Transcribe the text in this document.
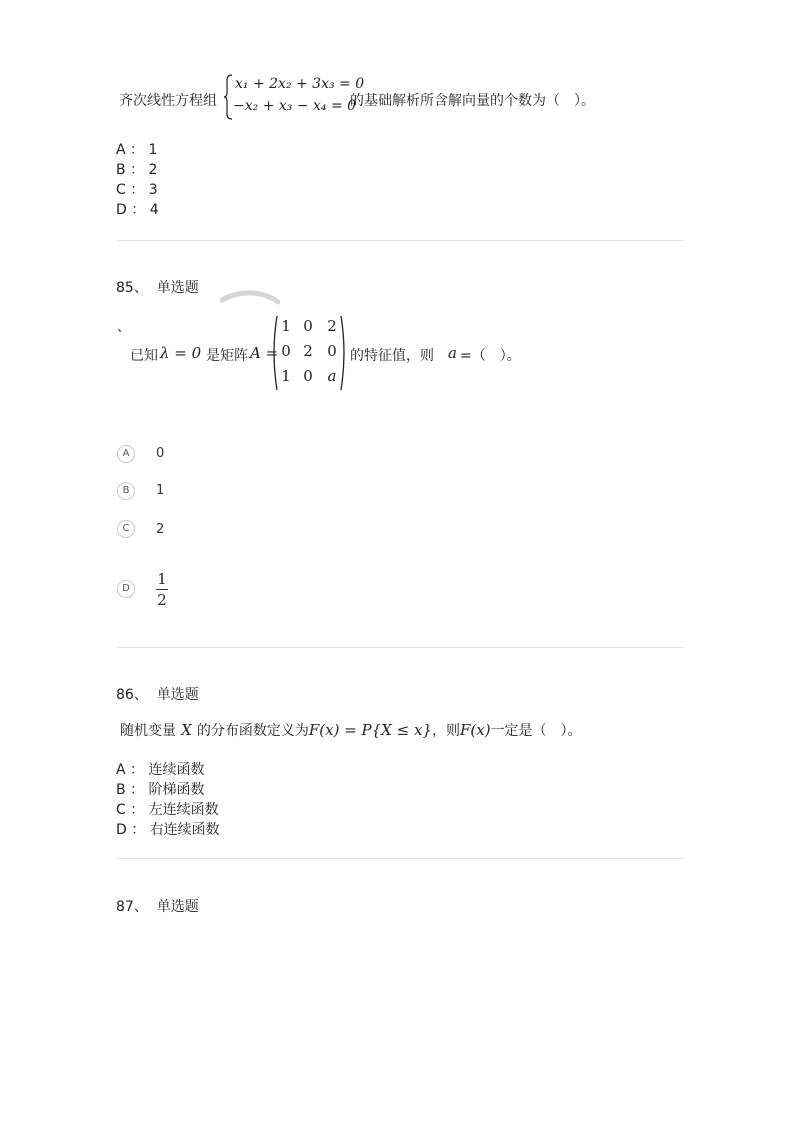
齐次线性方程组
x₁ + 2x₂ + 3x₃ = 0
−x₂ + x₃ − x₄ = 0
的基础解析所含解向量的个数为（　）。
A ： 1
B ： 2
C ： 3
D ： 4
85、 单选题
、
已知 λ = 0 是矩阵 A =
1 0 2
0 2 0
1 0 a
的特征值，则 a =（　）。
A	0
B	1
C	2
D
1
2
86、 单选题
随机变量 X 的分布函数定义为F(x) = P{X ≤ x}，则F(x)一定是（　）。
A ： 连续函数
B ： 阶梯函数
C ： 左连续函数
D ： 右连续函数
87、 单选题
